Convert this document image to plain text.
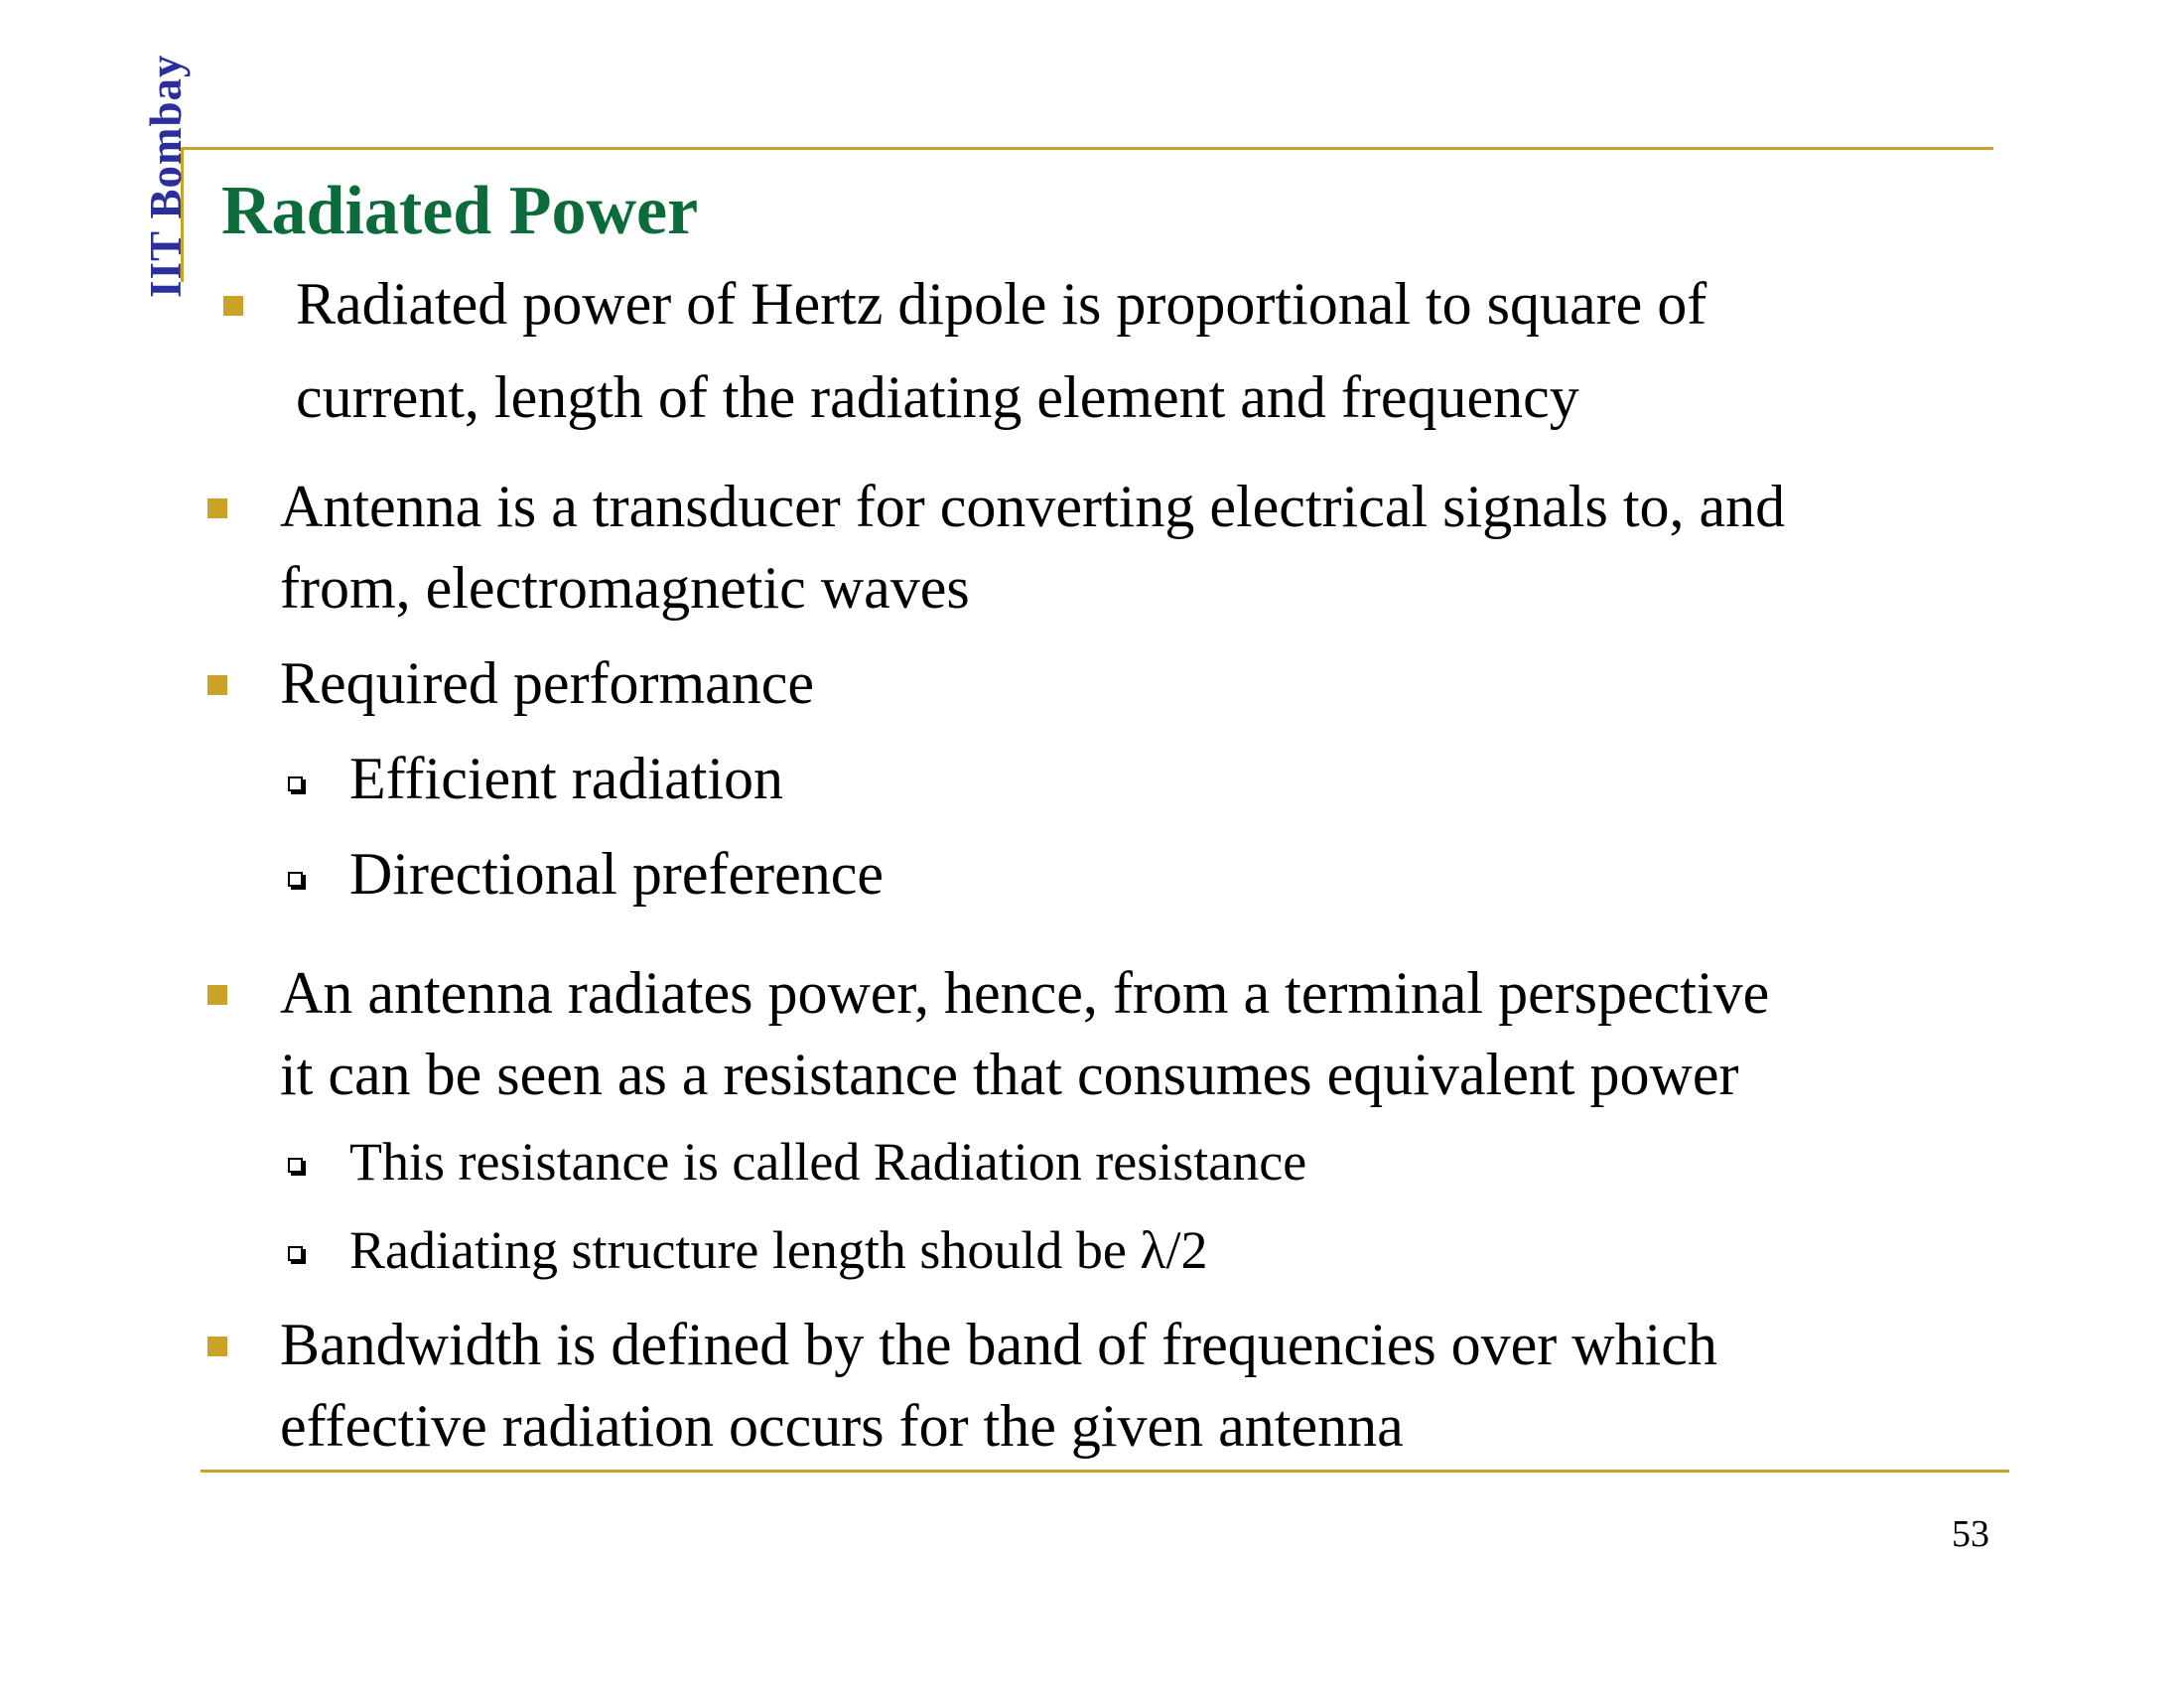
IIT Bombay Radiated Power
Radiated power of Hertz dipole is proportional to square of
current, length of the radiating element and frequency
Antenna is a transducer for converting electrical signals to, and
from, electromagnetic waves
Required performance
Efficient radiation
Directional preference
An antenna radiates power, hence, from a terminal perspective
it can be seen as a resistance that consumes equivalent power
This resistance is called Radiation resistance
Radiating structure length should be λ/2
Bandwidth is defined by the band of frequencies over which
effective radiation occurs for the given antenna
53
